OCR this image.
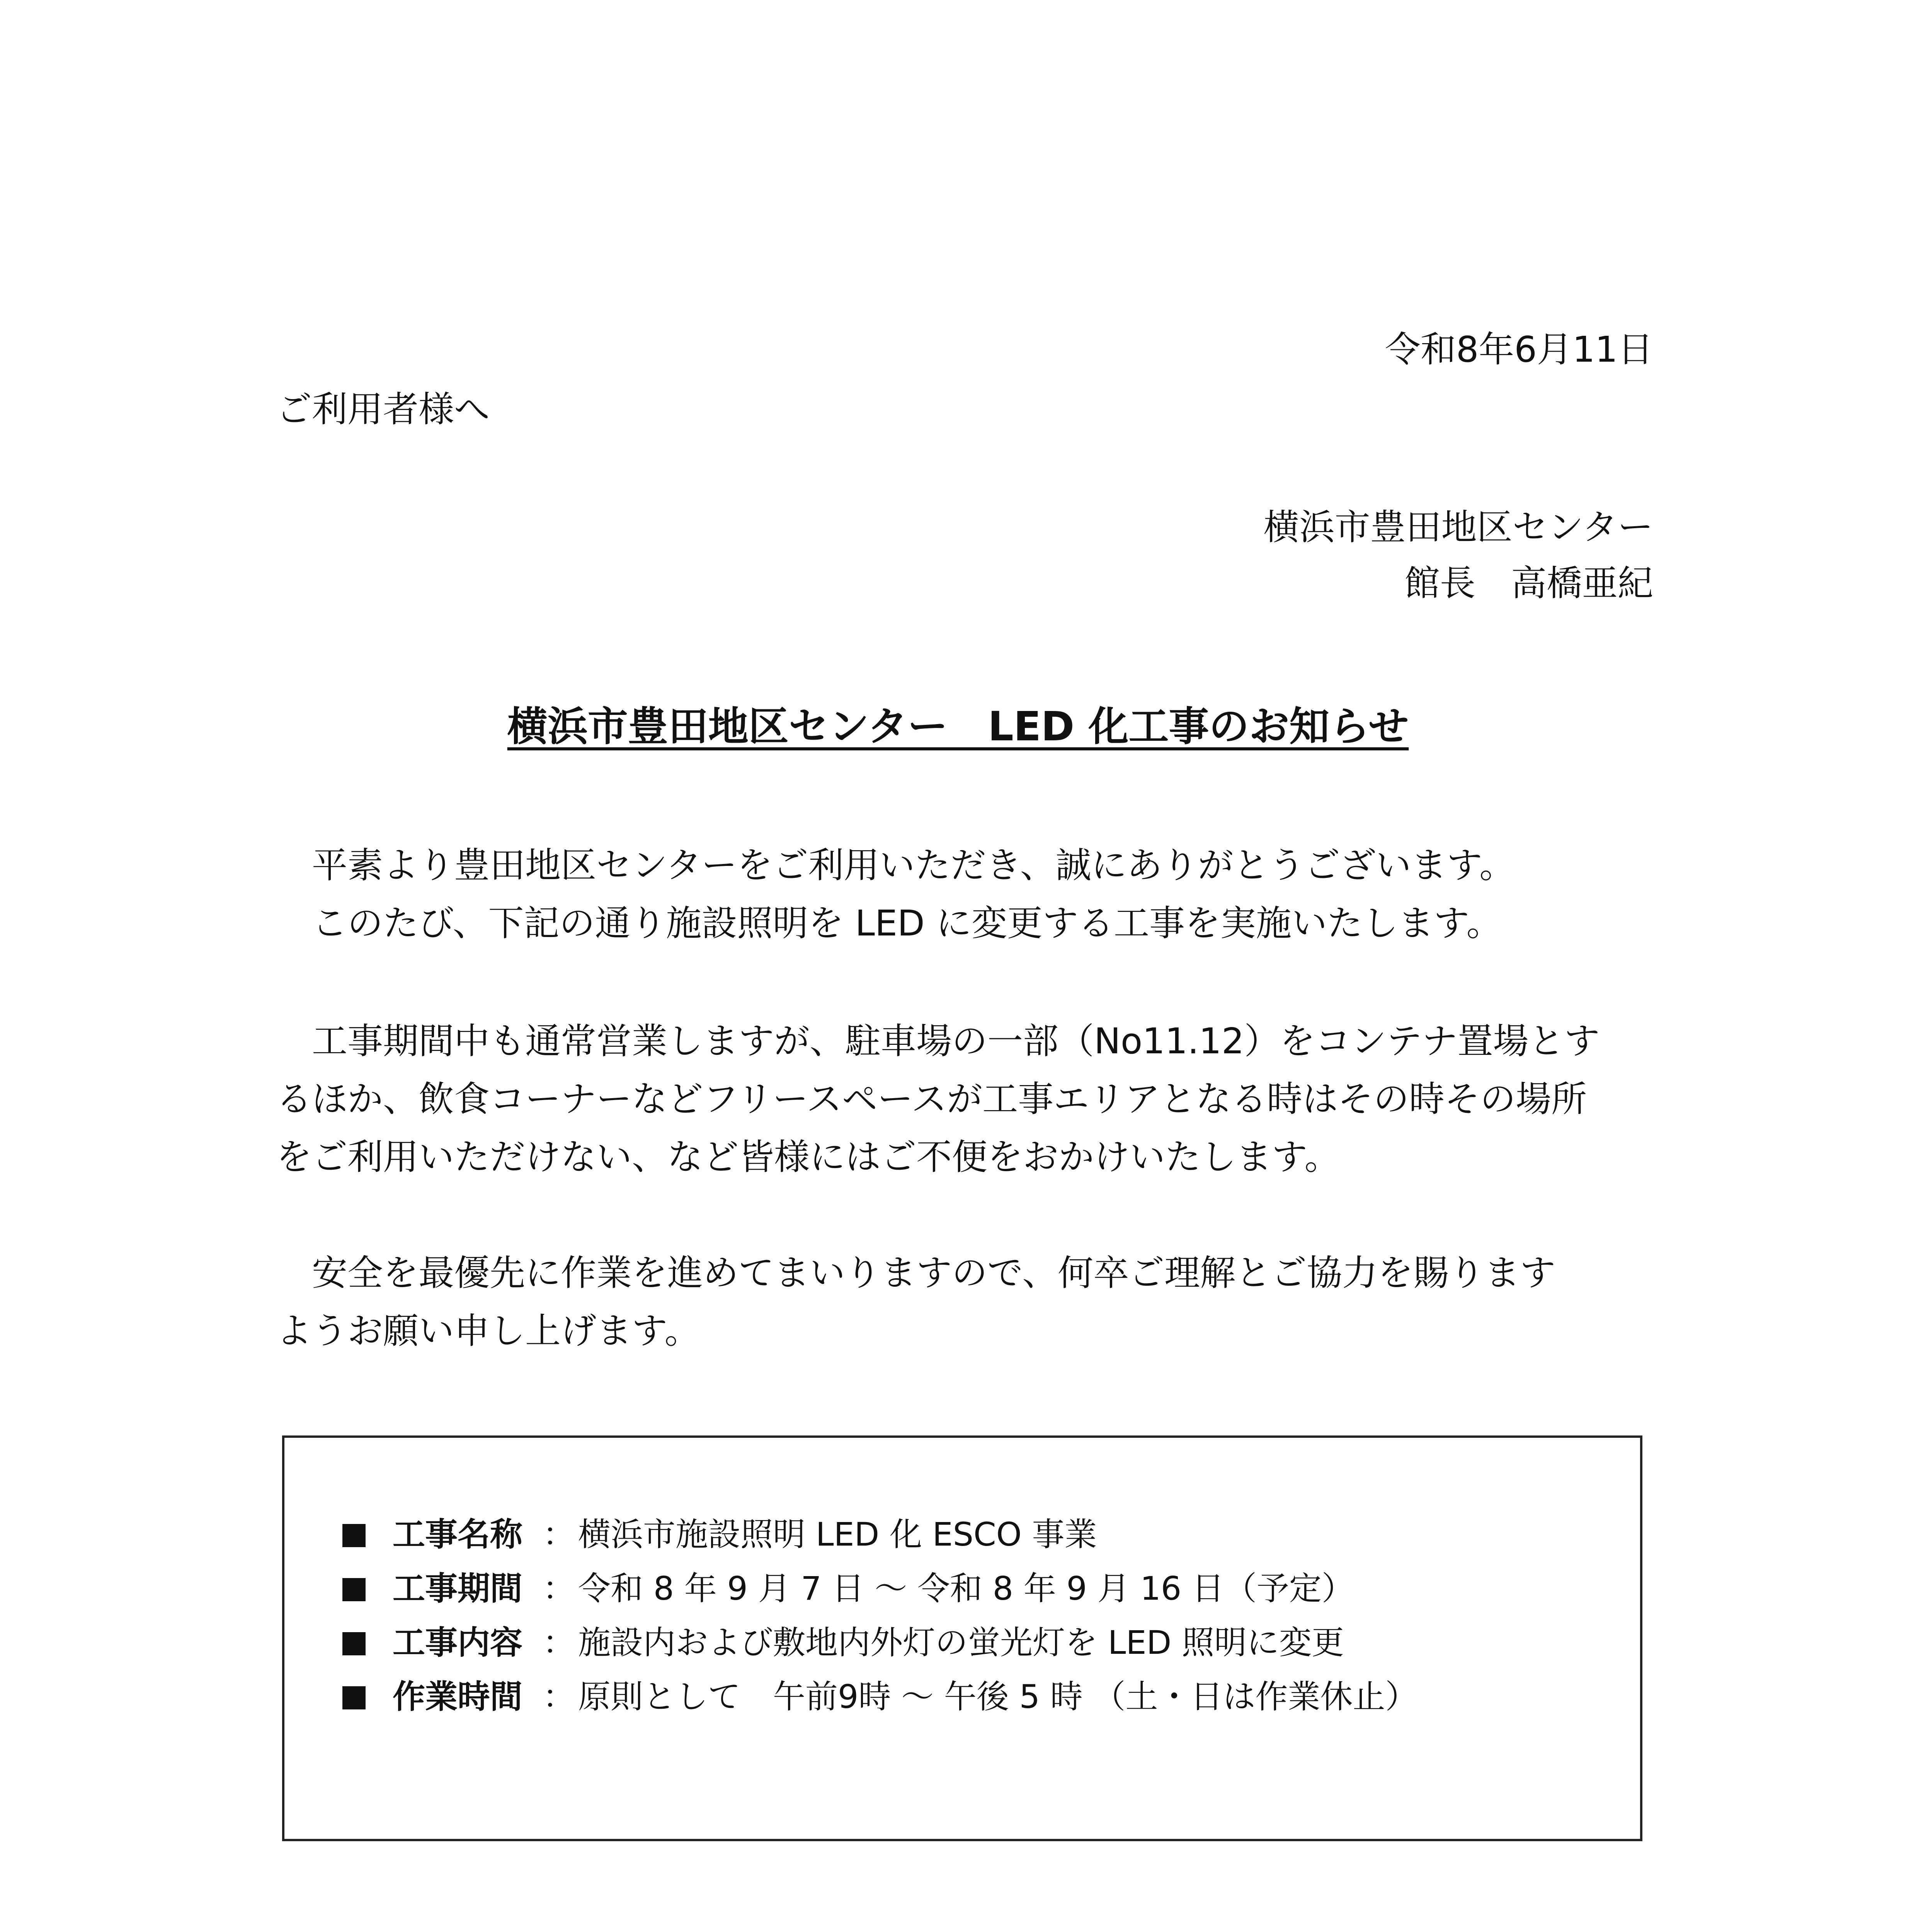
令和8年6月11日
ご利用者様へ
横浜市豊田地区センター
館長　高橋亜紀
横浜市豊田地区センター　LED 化工事のお知らせ
　平素より豊田地区センターをご利用いただき、誠にありがとうございます。
　このたび、下記の通り施設照明を LED に変更する工事を実施いたします。
　工事期間中も通常営業しますが、駐車場の一部（No11.12）をコンテナ置場とす
るほか、飲食コーナーなどフリースペースが工事エリアとなる時はその時その場所
をご利用いただけない、など皆様にはご不便をおかけいたします。
　安全を最優先に作業を進めてまいりますので、何卒ご理解とご協力を賜ります
ようお願い申し上げます。
工事名称 ：横浜市施設照明 LED 化 ESCO 事業
工事期間 ：令和 8 年 9 月 7 日 ～ 令和 8 年 9 月 16 日（予定）
工事内容 ：施設内および敷地内外灯の蛍光灯を LED 照明に変更
作業時間 ：原則として　午前9時 ～ 午後 5 時 （土・日は作業休止）
